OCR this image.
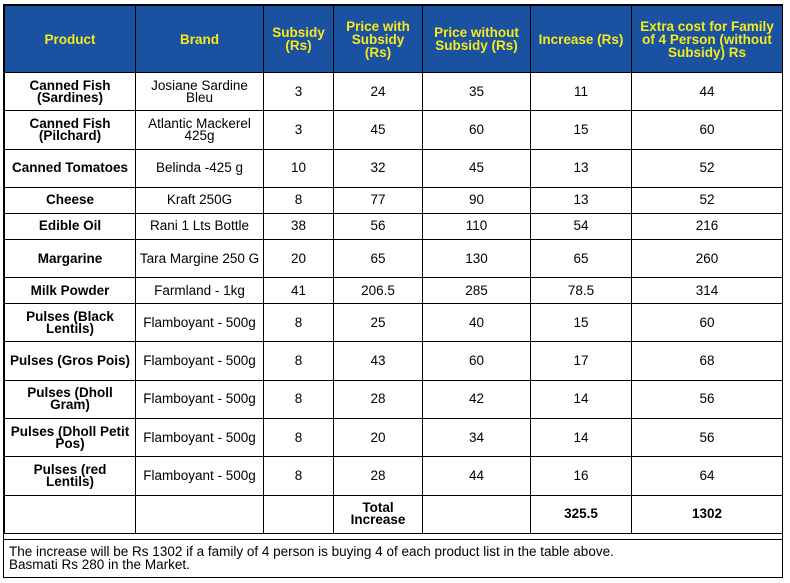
Product	Brand	Subsidy (Rs)	Price with Subsidy (Rs)	Price without Subsidy (Rs)	Increase (Rs)	Extra cost for Family of 4 Person (without Subsidy) Rs
Canned Fish (Sardines)	Josiane Sardine Bleu	3	24	35	11	44
Canned Fish (Pilchard)	Atlantic Mackerel 425g	3	45	60	15	60
Canned Tomatoes	Belinda -425 g	10	32	45	13	52
Cheese	Kraft 250G	8	77	90	13	52
Edible Oil	Rani 1 Lts Bottle	38	56	110	54	216
Margarine	Tara Margine 250 G	20	65	130	65	260
Milk Powder	Farmland - 1kg	41	206.5	285	78.5	314
Pulses (Black Lentils)	Flamboyant - 500g	8	25	40	15	60
Pulses (Gros Pois)	Flamboyant - 500g	8	43	60	17	68
Pulses (Dholl Gram)	Flamboyant - 500g	8	28	42	14	56
Pulses (Dholl Petit Pos)	Flamboyant - 500g	8	20	34	14	56
Pulses (red Lentils)	Flamboyant - 500g	8	28	44	16	64
			Total Increase		325.5	1302
The increase will be Rs 1302 if a family of 4 person is buying 4 of each product list in the table above.
Basmati Rs 280 in the Market.
